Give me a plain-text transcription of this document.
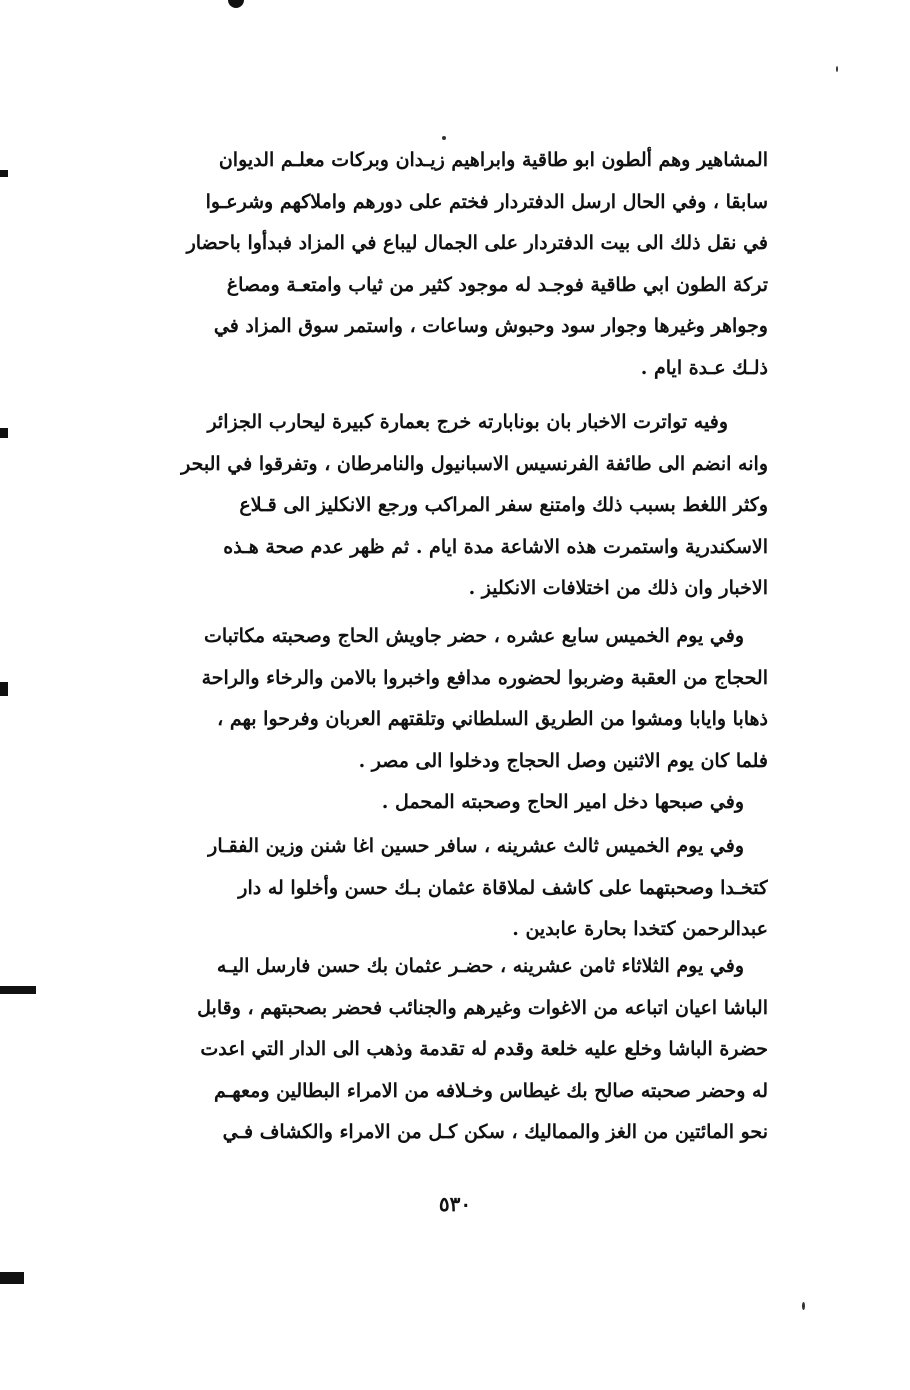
المشاهير وهم ألطون ابو طاقية وابراهيم زيـدان وبركات معلـم الديوان
سابقا ، وفي الحال ارسل الدفتردار فختم على دورهم واملاكهم وشرعـوا
في نقل ذلك الى بيت الدفتردار على الجمال ليباع في المزاد فبدأوا باحضار
تركة الطون ابي طاقية فوجـد له موجود كثير من ثياب وامتعـة ومصاغ
وجواهر وغيرها وجوار سود وحبوش وساعات ، واستمر سوق المزاد في
ذلـك عـدة ايام .
وفيه تواترت الاخبار بان بونابارته خرج بعمارة كبيرة ليحارب الجزائر
وانه انضم الى طائفة الفرنسيس الاسبانيول والنامرطان ، وتفرقوا في البحر
وكثر اللغط بسبب ذلك وامتنع سفر المراكب ورجع الانكليز الى قـلاع
الاسكندرية واستمرت هذه الاشاعة مدة ايام . ثم ظهر عدم صحة هـذه
الاخبار وان ذلك من اختلافات الانكليز .
وفي يوم الخميس سابع عشره ، حضر جاويش الحاج وصحبته مكاتبات
الحجاج من العقبة وضربوا لحضوره مدافع واخبروا بالامن والرخاء والراحة
ذهابا وايابا ومشوا من الطريق السلطاني وتلقتهم العربان وفرحوا بهم ،
فلما كان يوم الاثنين وصل الحجاج ودخلوا الى مصر .
وفي صبحها دخل امير الحاج وصحبته المحمل .
وفي يوم الخميس ثالث عشرينه ، سافر حسين اغا شنن وزين الفقـار
كتخـدا وصحبتهما على كاشف لملاقاة عثمان بـك حسن وأخلوا له دار
عبدالرحمن كتخدا بحارة عابدين .
وفي يوم الثلاثاء ثامن عشرينه ، حضـر عثمان بك حسن فارسل اليـه
الباشا اعيان اتباعه من الاغوات وغيرهم والجنائب فحضر بصحبتهم ، وقابل
حضرة الباشا وخلع عليه خلعة وقدم له تقدمة وذهب الى الدار التي اعدت
له وحضر صحبته صالح بك غيطاس وخـلافه من الامراء البطالين ومعهـم
نحو المائتين من الغز والمماليك ، سكن كـل من الامراء والكشاف فـي
٥٣٠
